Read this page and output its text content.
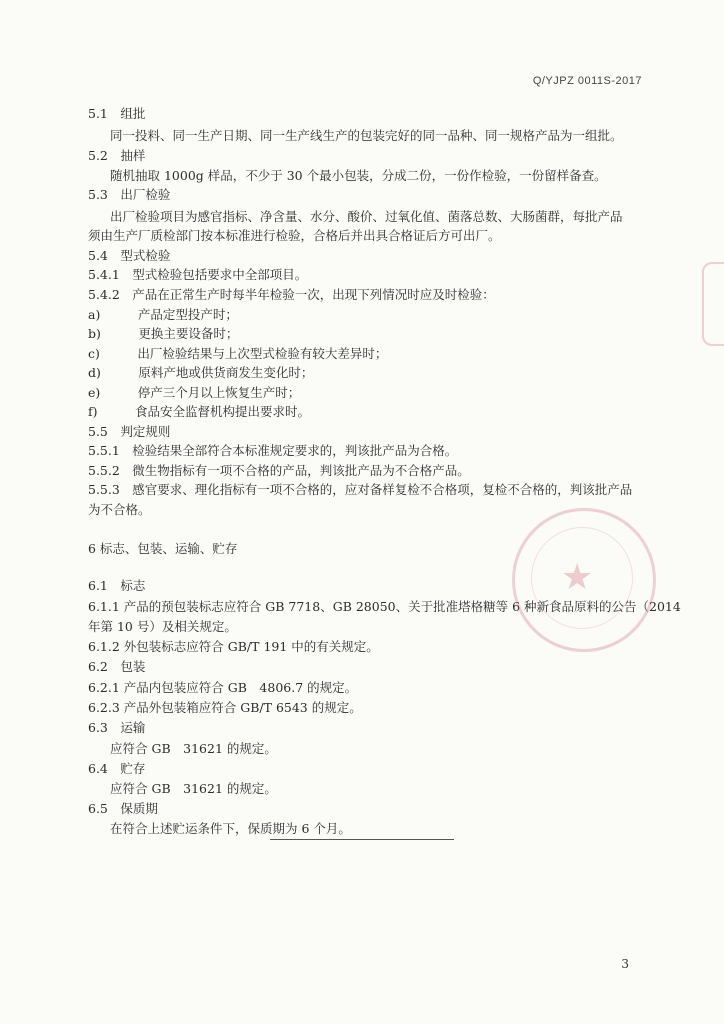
Q/YJPZ 0011S-2017
5.1　组批
同一投料、同一生产日期、同一生产线生产的包装完好的同一品种、同一规格产品为一组批。
5.2　抽样
随机抽取 1000g 样品，不少于 30 个最小包装，分成二份，一份作检验，一份留样备查。
5.3　出厂检验
出厂检验项目为感官指标、净含量、水分、酸价、过氧化值、菌落总数、大肠菌群，每批产品
须由生产厂质检部门按本标准进行检验，合格后并出具合格证后方可出厂。
5.4　型式检验
5.4.1　型式检验包括要求中全部项目。
5.4.2　产品在正常生产时每半年检验一次，出现下列情况时应及时检验：
a)　　　产品定型投产时；
b)　　　更换主要设备时；
c)　　　出厂检验结果与上次型式检验有较大差异时；
d)　　　原料产地或供货商发生变化时；
e)　　　停产三个月以上恢复生产时；
f)　　　食品安全监督机构提出要求时。
5.5　判定规则
5.5.1　检验结果全部符合本标准规定要求的，判该批产品为合格。
5.5.2　微生物指标有一项不合格的产品，判该批产品为不合格产品。
5.5.3　感官要求、理化指标有一项不合格的，应对备样复检不合格项，复检不合格的，判该批产品
为不合格。
6 标志、包装、运输、贮存
6.1　标志
6.1.1 产品的预包装标志应符合 GB 7718、GB 28050、关于批准塔格糖等 6 种新食品原料的公告（2014
年第 10 号）及相关规定。
6.1.2 外包装标志应符合 GB/T 191 中的有关规定。
6.2　包装
6.2.1 产品内包装应符合 GB　4806.7 的规定。
6.2.3 产品外包装箱应符合 GB/T 6543 的规定。
6.3　运输
应符合 GB　31621 的规定。
6.4　贮存
应符合 GB　31621 的规定。
6.5　保质期
在符合上述贮运条件下，保质期为 6 个月。
★
3
